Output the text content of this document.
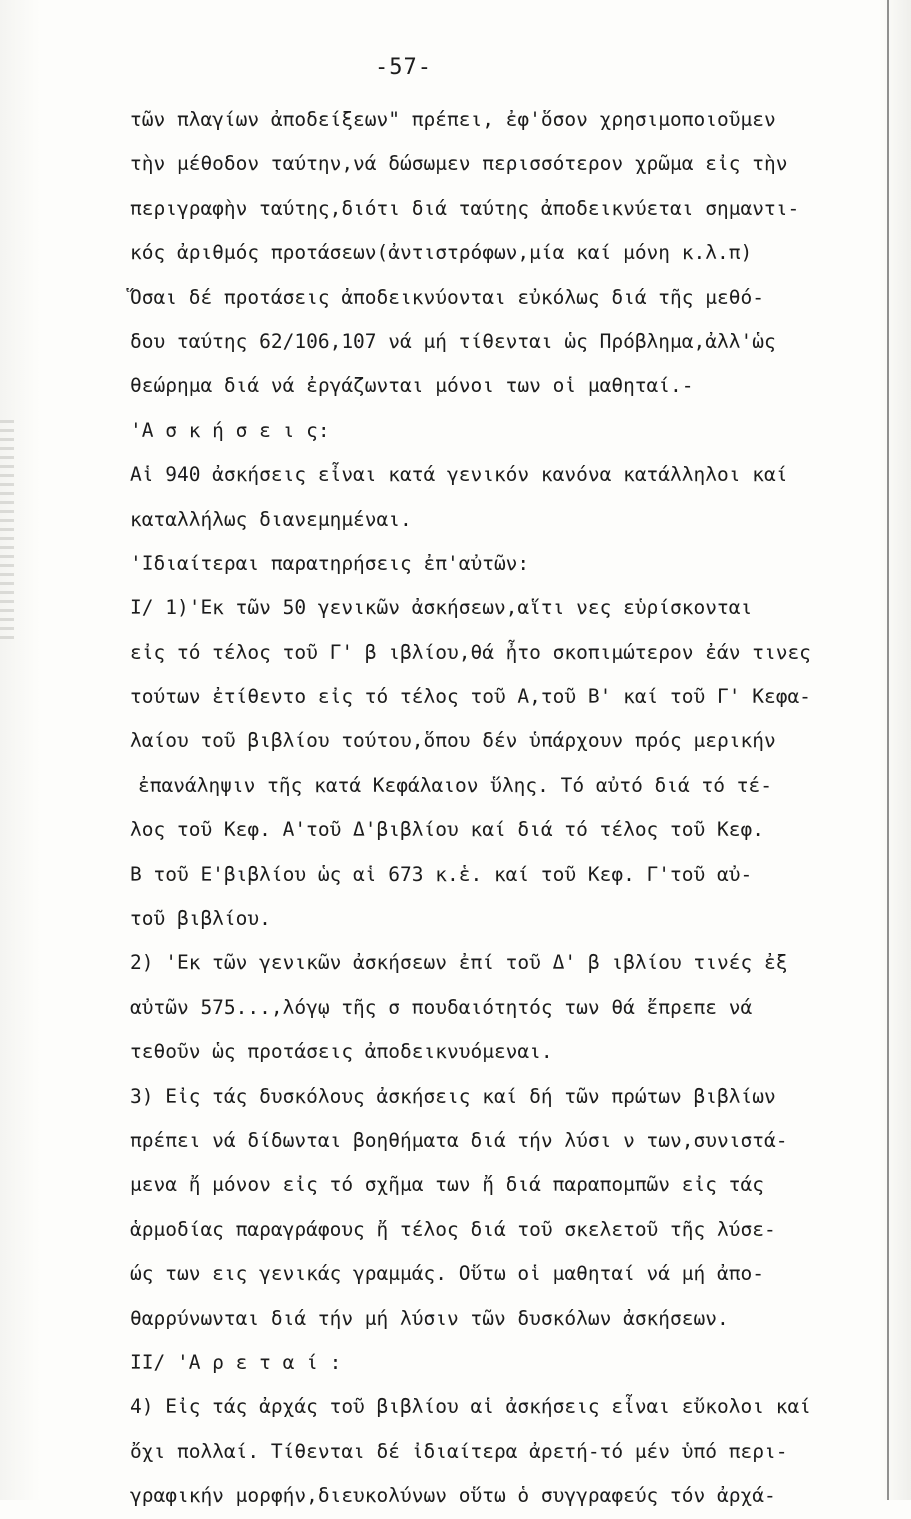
-57-
τῶν πλαγίων ἀποδείξεων" πρέπει, ἐφ'ὅσον χρησιμοποιοῦμεν
τὴν μέθοδον ταύτην,νά δώσωμεν περισσότερον χρῶμα εἰς τὴν
περιγραφὴν ταύτης,διότι διά ταύτης ἀποδεικνύεται σημαντι-
κός ἀριθμός προτάσεων(ἀντιστρόφων,μία καί μόνη κ.λ.π)
Ὅσαι δέ προτάσεις ἀποδεικνύονται εὐκόλως διά τῆς μεθό-
δου ταύτης 62/106,107 νά μή τίθενται ὡς Πρόβλημα,ἀλλ'ὡς
θεώρημα διά νά ἐργάζωνται μόνοι των οἱ μαθηταί.-
'Α σ κ ή σ ε ι ς:
Αἱ 940 ἀσκήσεις εἶναι κατά γενικόν κανόνα κατάλληλοι καί
καταλλήλως διανεμημέναι.
'Ιδιαίτεραι παρατηρήσεις ἐπ'αὐτῶν:
Ι/ 1)'Εκ τῶν 50 γενικῶν ἀσκήσεων,αἵτι νες εὑρίσκονται
εἰς τό τέλος τοῦ Γ' β ιβλίου,θά ἦτο σκοπιμώτερον ἐάν τινες
τούτων ἐτίθεντο εἰς τό τέλος τοῦ Α,τοῦ Β' καί τοῦ Γ' Κεφα-
λαίου τοῦ βιβλίου τούτου,ὅπου δέν ὑπάρχουν πρός μερικήν
ἐπανάληψιν τῆς κατά Κεφάλαιον ὕλης. Τό αὐτό διά τό τέ-
λος τοῦ Κεφ. Α'τοῦ Δ'βιβλίου καί διά τό τέλος τοῦ Κεφ.
Β τοῦ Ε'βιβλίου ὡς αἱ 673 κ.ἑ. καί τοῦ Κεφ. Γ'τοῦ αὐ-
τοῦ βιβλίου.
2) 'Εκ τῶν γενικῶν ἀσκήσεων ἐπί τοῦ Δ' β ιβλίου τινές ἐξ
αὐτῶν 575...,λόγῳ τῆς σ πουδαιότητός των θά ἔπρεπε νά
τεθοῦν ὡς προτάσεις ἀποδεικνυόμεναι.
3) Εἰς τάς δυσκόλους ἀσκήσεις καί δή τῶν πρώτων βιβλίων
πρέπει νά δίδωνται βοηθήματα διά τήν λύσι ν των,συνιστά-
μενα ἤ μόνον εἰς τό σχῆμα των ἤ διά παραπομπῶν εἰς τάς
ἁρμοδίας παραγράφους ἤ τέλος διά τοῦ σκελετοῦ τῆς λύσε-
ώς των εις γενικάς γραμμάς. Οὕτω οἱ μαθηταί νά μή ἀπο-
θαρρύνωνται διά τήν μή λύσιν τῶν δυσκόλων ἀσκήσεων.
ΙΙ/ 'Α ρ ε τ α ί :
4) Εἰς τάς ἀρχάς τοῦ βιβλίου αἱ ἀσκήσεις εἶναι εὔκολοι καί
ὄχι πολλαί. Τίθενται δέ ἰδιαίτερα ἀρετή-τό μέν ὑπό περι-
γραφικήν μορφήν,διευκολύνων οὕτω ὁ συγγραφεύς τόν ἀρχά-
